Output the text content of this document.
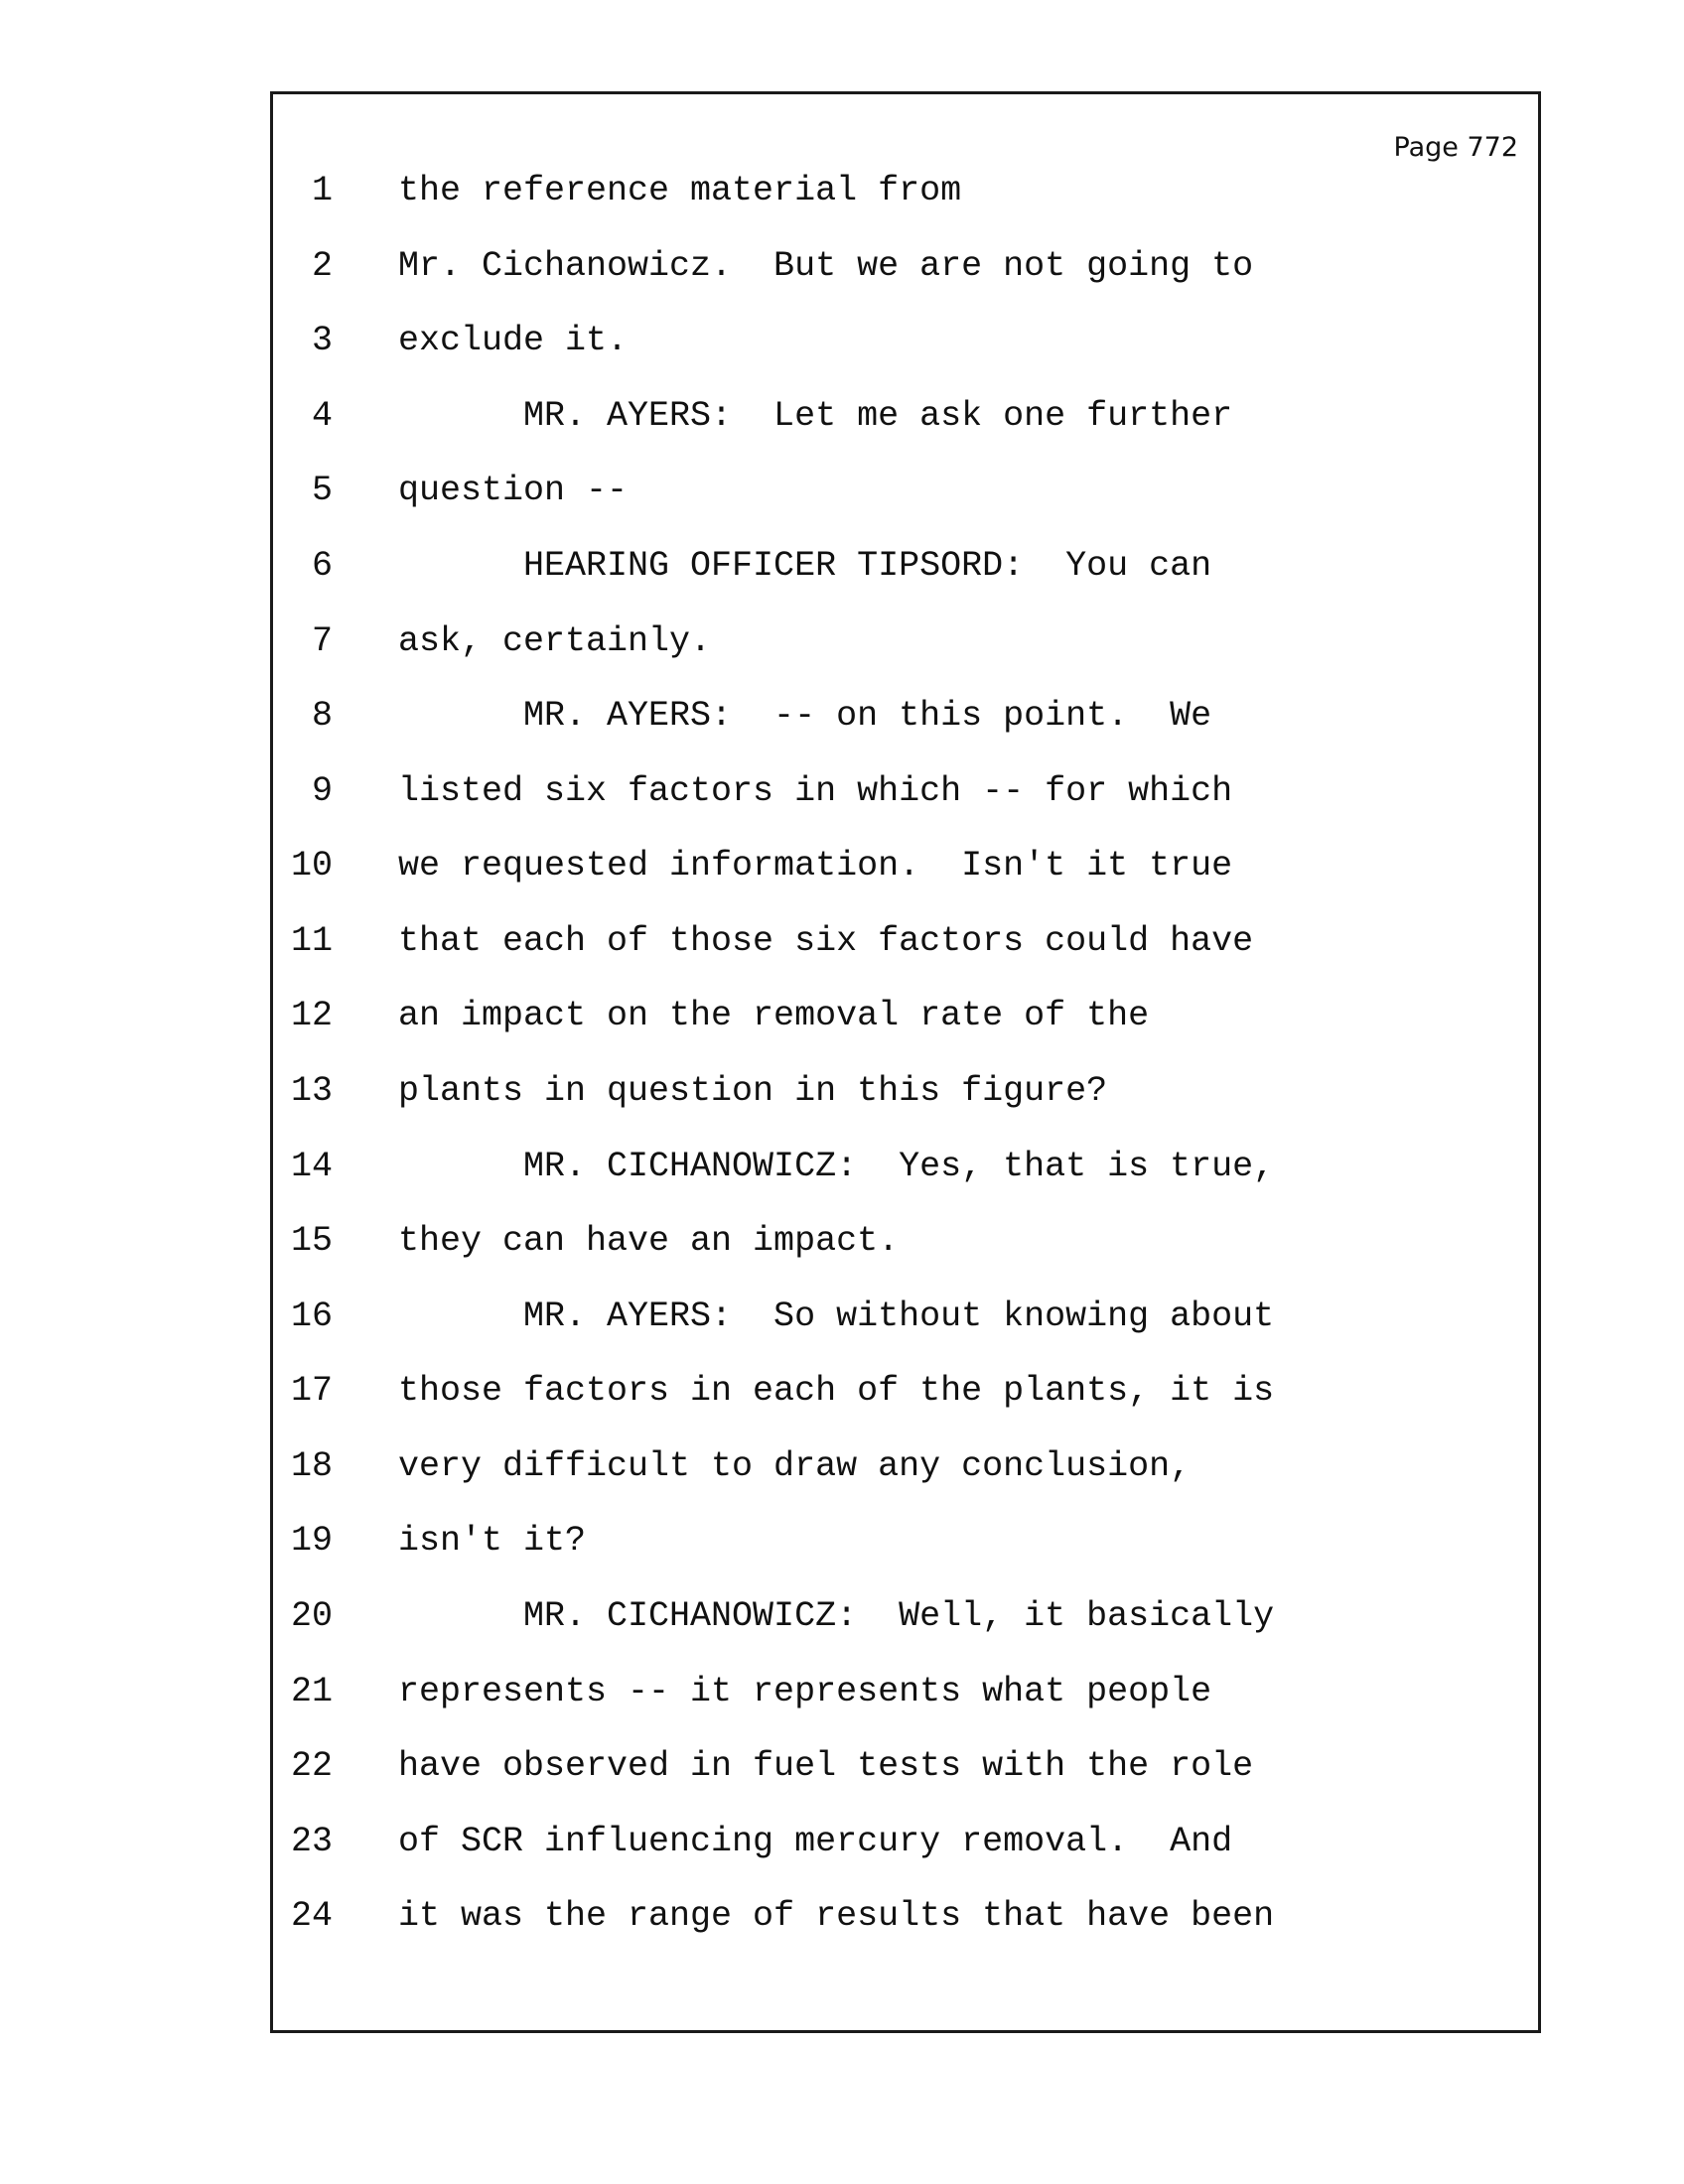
Page 772
1 the reference material from
2 Mr. Cichanowicz.  But we are not going to
3 exclude it.
4 MR. AYERS:  Let me ask one further
5 question --
6 HEARING OFFICER TIPSORD:  You can
7 ask, certainly.
8 MR. AYERS:  -- on this point.  We
9 listed six factors in which -- for which
10 we requested information.  Isn't it true
11 that each of those six factors could have
12 an impact on the removal rate of the
13 plants in question in this figure?
14 MR. CICHANOWICZ:  Yes, that is true,
15 they can have an impact.
16 MR. AYERS:  So without knowing about
17 those factors in each of the plants, it is
18 very difficult to draw any conclusion,
19 isn't it?
20 MR. CICHANOWICZ:  Well, it basically
21 represents -- it represents what people
22 have observed in fuel tests with the role
23 of SCR influencing mercury removal.  And
24 it was the range of results that have been
